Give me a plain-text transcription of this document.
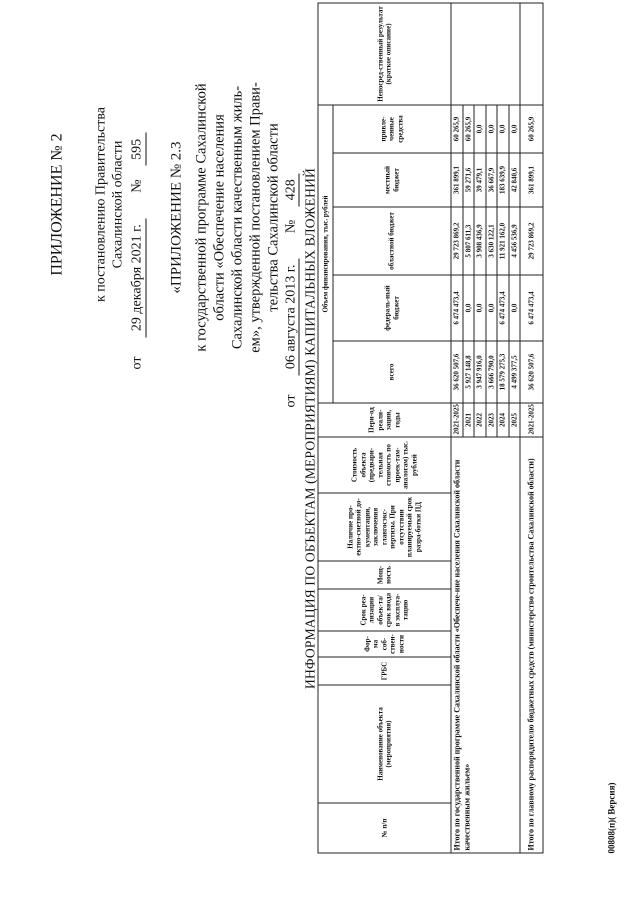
ПРИЛОЖЕНИЕ № 2 к постановлению Правительства Сахалинской области
от 29 декабря 2021 г. № 595 «ПРИЛОЖЕНИЕ № 2.3 к государственной программе Сахалинской области «Обеспечение населения Сахалинской области качественным жиль- ем», утвержденной постановлением Прави- тельства Сахалинской области
от 06 августа 2013 г. № 428 ИНФОРМАЦИЯ ПО ОБЪЕКТАМ (МЕРОПРИЯТИЯМ) КАПИТАЛЬНЫХ ВЛОЖЕНИЙ
№ п/п	Наименование объекта (мероприятия)	ГРБС	Фор-ма соб-ствен-ности	Срок реа-лизации объек-та/срок ввода в эксплуа-тацию	Мощ-ность	Наличие про-ектно-сметной до-кументации, заключения главгосэкс-пертизы. При отсутствии планируемый срок разра-ботки ПД	Стоимость объекта (предвари-тельная стоимость по проек-там-аналогам) тыс. рублей	Пери-од реали-зации, годы	Объем финансирования, тыс. рублей					Непосред-ственный результат (краткое описание)
									всего	федераль-ный бюджет	областной бюджет	местный бюджет	привле-ченные средства	
Итого по государственной программе Сахалинской области «Обеспече-ние населения Сахалинской области качественным жильем»								2021-2025	36 620 507,6	6 474 473,4	29 723 869,2	361 899,1	60 265,9	
								2021	5 927 148,8	0,0	5 807 611,3	59 271,6	60 265,9	
								2022	3 947 916,0	0,0	3 908 436,9	39 479,1	0,0	
								2023	3 666 790,0	0,0	3 630 122,1	36 667,9	0,0	
								2024	18 579 275,3	6 474 473,4	11 921 162,0	183 639,9	0,0	
								2025	4 499 377,5	0,0	4 456 536,9	42 840,6	0,0	
Итого по главному распорядителю бюджетных средств (министерство строительства Сахалинской области)								2021-2025	36 620 507,6	6 474 473,4	29 723 869,2	361 899,1	60 265,9	
00808(п)( Версия)
